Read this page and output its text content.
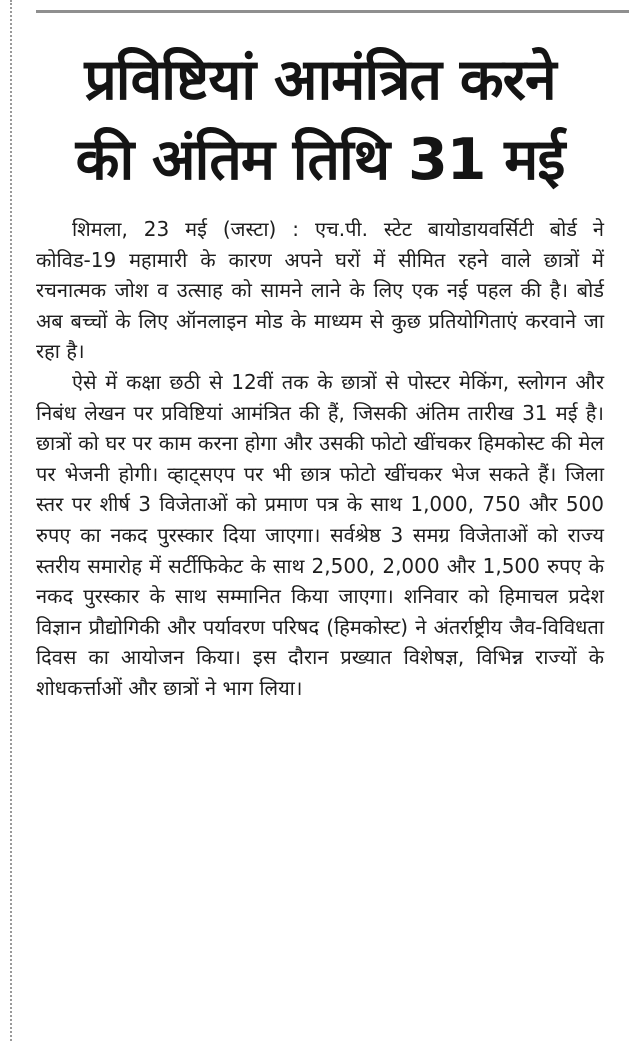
प्रविष्टियां आमंत्रित करने
की अंतिम तिथि 31 मई

शिमला, 23 मई (जस्टा) : एच.पी. स्टेट बायोडायवर्सिटी बोर्ड ने कोविड-19 महामारी के कारण अपने घरों में सीमित रहने वाले छात्रों में रचनात्मक जोश व उत्साह को सामने लाने के लिए एक नई पहल की है। बोर्ड अब बच्चों के लिए ऑनलाइन मोड के माध्यम से कुछ प्रतियोगिताएं करवाने जा रहा है।

ऐसे में कक्षा छठी से 12वीं तक के छात्रों से पोस्टर मेकिंग, स्लोगन और निबंध लेखन पर प्रविष्टियां आमंत्रित की हैं, जिसकी अंतिम तारीख 31 मई है। छात्रों को घर पर काम करना होगा और उसकी फोटो खींचकर हिमकोस्ट की मेल पर भेजनी होगी। व्हाट्सएप पर भी छात्र फोटो खींचकर भेज सकते हैं। जिला स्तर पर शीर्ष 3 विजेताओं को प्रमाण पत्र के साथ 1,000, 750 और 500 रुपए का नकद पुरस्कार दिया जाएगा। सर्वश्रेष्ठ 3 समग्र विजेताओं को राज्य स्तरीय समारोह में सर्टीफिकेट के साथ 2,500, 2,000 और 1,500 रुपए के नकद पुरस्कार के साथ सम्मानित किया जाएगा। शनिवार को हिमाचल प्रदेश विज्ञान प्रौद्योगिकी और पर्यावरण परिषद (हिमकोस्ट) ने अंतर्राष्ट्रीय जैव-विविधता दिवस का आयोजन किया। इस दौरान प्रख्यात विशेषज्ञ, विभिन्न राज्यों के शोधकर्त्ताओं और छात्रों ने भाग लिया।
